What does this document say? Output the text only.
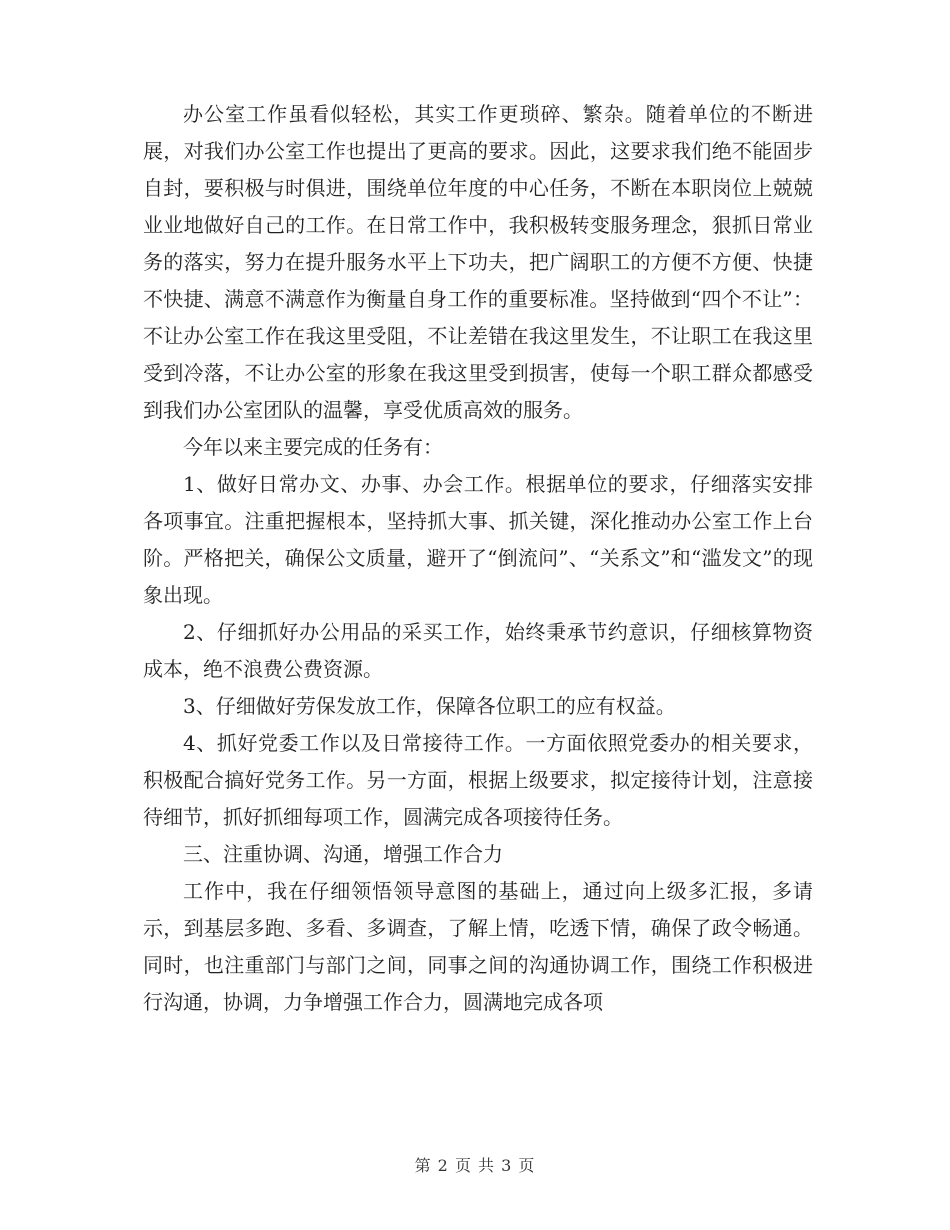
办公室工作虽看似轻松，其实工作更琐碎、繁杂。随着单位的不断进展，对我们办公室工作也提出了更高的要求。因此，这要求我们绝不能固步自封，要积极与时俱进，围绕单位年度的中心任务，不断在本职岗位上兢兢业业地做好自己的工作。在日常工作中，我积极转变服务理念，狠抓日常业务的落实，努力在提升服务水平上下功夫，把广阔职工的方便不方便、快捷不快捷、满意不满意作为衡量自身工作的重要标准。坚持做到“四个不让”：不让办公室工作在我这里受阻，不让差错在我这里发生，不让职工在我这里受到冷落，不让办公室的形象在我这里受到损害，使每一个职工群众都感受到我们办公室团队的温馨，享受优质高效的服务。

今年以来主要完成的任务有：

1、做好日常办文、办事、办会工作。根据单位的要求，仔细落实安排各项事宜。注重把握根本，坚持抓大事、抓关键，深化推动办公室工作上台阶。严格把关，确保公文质量，避开了“倒流问”、“关系文”和“滥发文”的现象出现。

2、仔细抓好办公用品的采买工作，始终秉承节约意识，仔细核算物资成本，绝不浪费公费资源。

3、仔细做好劳保发放工作，保障各位职工的应有权益。

4、抓好党委工作以及日常接待工作。一方面依照党委办的相关要求，积极配合搞好党务工作。另一方面，根据上级要求，拟定接待计划，注意接待细节，抓好抓细每项工作，圆满完成各项接待任务。

三、注重协调、沟通，增强工作合力

工作中，我在仔细领悟领导意图的基础上，通过向上级多汇报，多请示，到基层多跑、多看、多调查，了解上情，吃透下情，确保了政令畅通。同时，也注重部门与部门之间，同事之间的沟通协调工作，围绕工作积极进行沟通，协调，力争增强工作合力，圆满地完成各项

第 2 页 共 3 页
